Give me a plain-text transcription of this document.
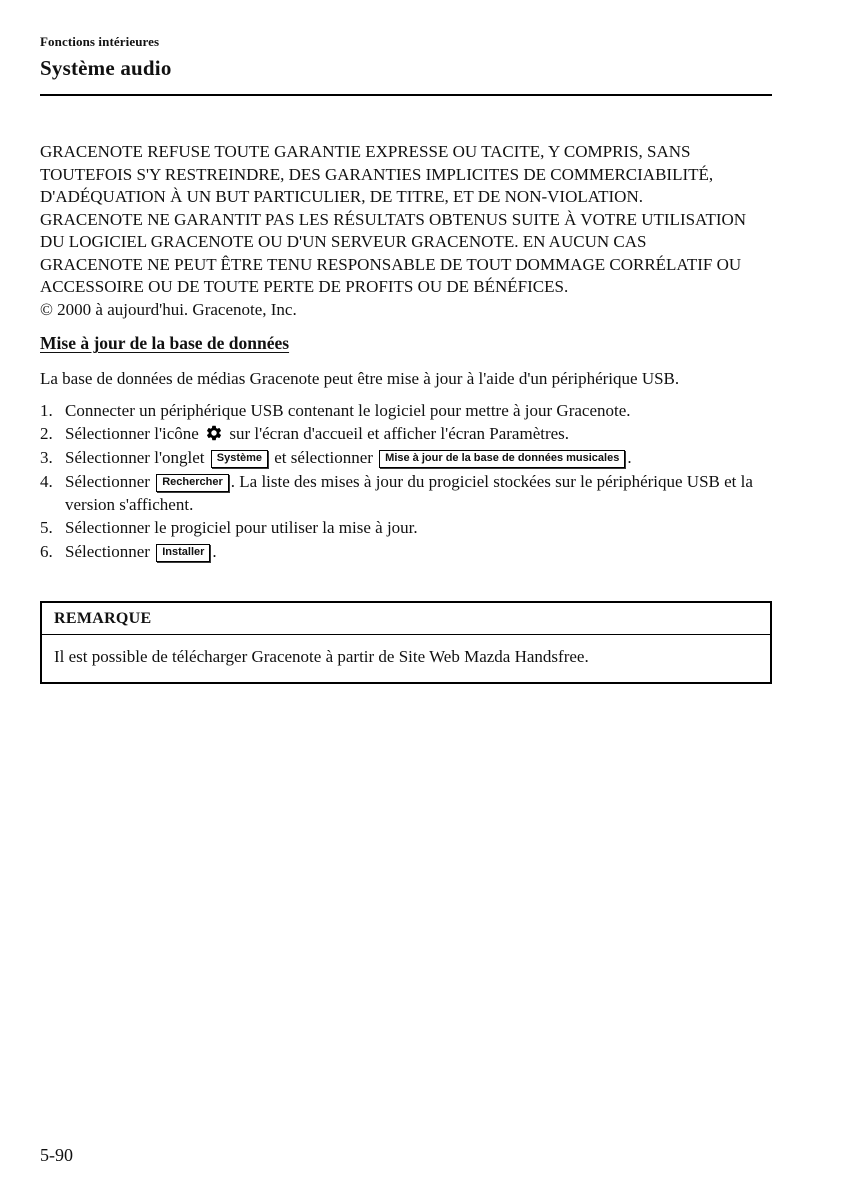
Fonctions intérieures
Système audio

GRACENOTE REFUSE TOUTE GARANTIE EXPRESSE OU TACITE, Y COMPRIS, SANS TOUTEFOIS S'Y RESTREINDRE, DES GARANTIES IMPLICITES DE COMMERCIABILITÉ, D'ADÉQUATION À UN BUT PARTICULIER, DE TITRE, ET DE NON-VIOLATION. GRACENOTE NE GARANTIT PAS LES RÉSULTATS OBTENUS SUITE À VOTRE UTILISATION DU LOGICIEL GRACENOTE OU D'UN SERVEUR GRACENOTE. EN AUCUN CAS GRACENOTE NE PEUT ÊTRE TENU RESPONSABLE DE TOUT DOMMAGE CORRÉLATIF OU ACCESSOIRE OU DE TOUTE PERTE DE PROFITS OU DE BÉNÉFICES.

© 2000 à aujourd'hui. Gracenote, Inc.

Mise à jour de la base de données

La base de données de médias Gracenote peut être mise à jour à l'aide d'un périphérique USB.

1. Connecter un périphérique USB contenant le logiciel pour mettre à jour Gracenote.
2. Sélectionner l'icône sur l'écran d'accueil et afficher l'écran Paramètres.
3. Sélectionner l'onglet Système et sélectionner Mise à jour de la base de données musicales .
4. Sélectionner Rechercher . La liste des mises à jour du progiciel stockées sur le périphérique USB et la version s'affichent.
5. Sélectionner le progiciel pour utiliser la mise à jour.
6. Sélectionner Installer .
REMARQUE
Il est possible de télécharger Gracenote à partir de Site Web Mazda Handsfree.
5-90
